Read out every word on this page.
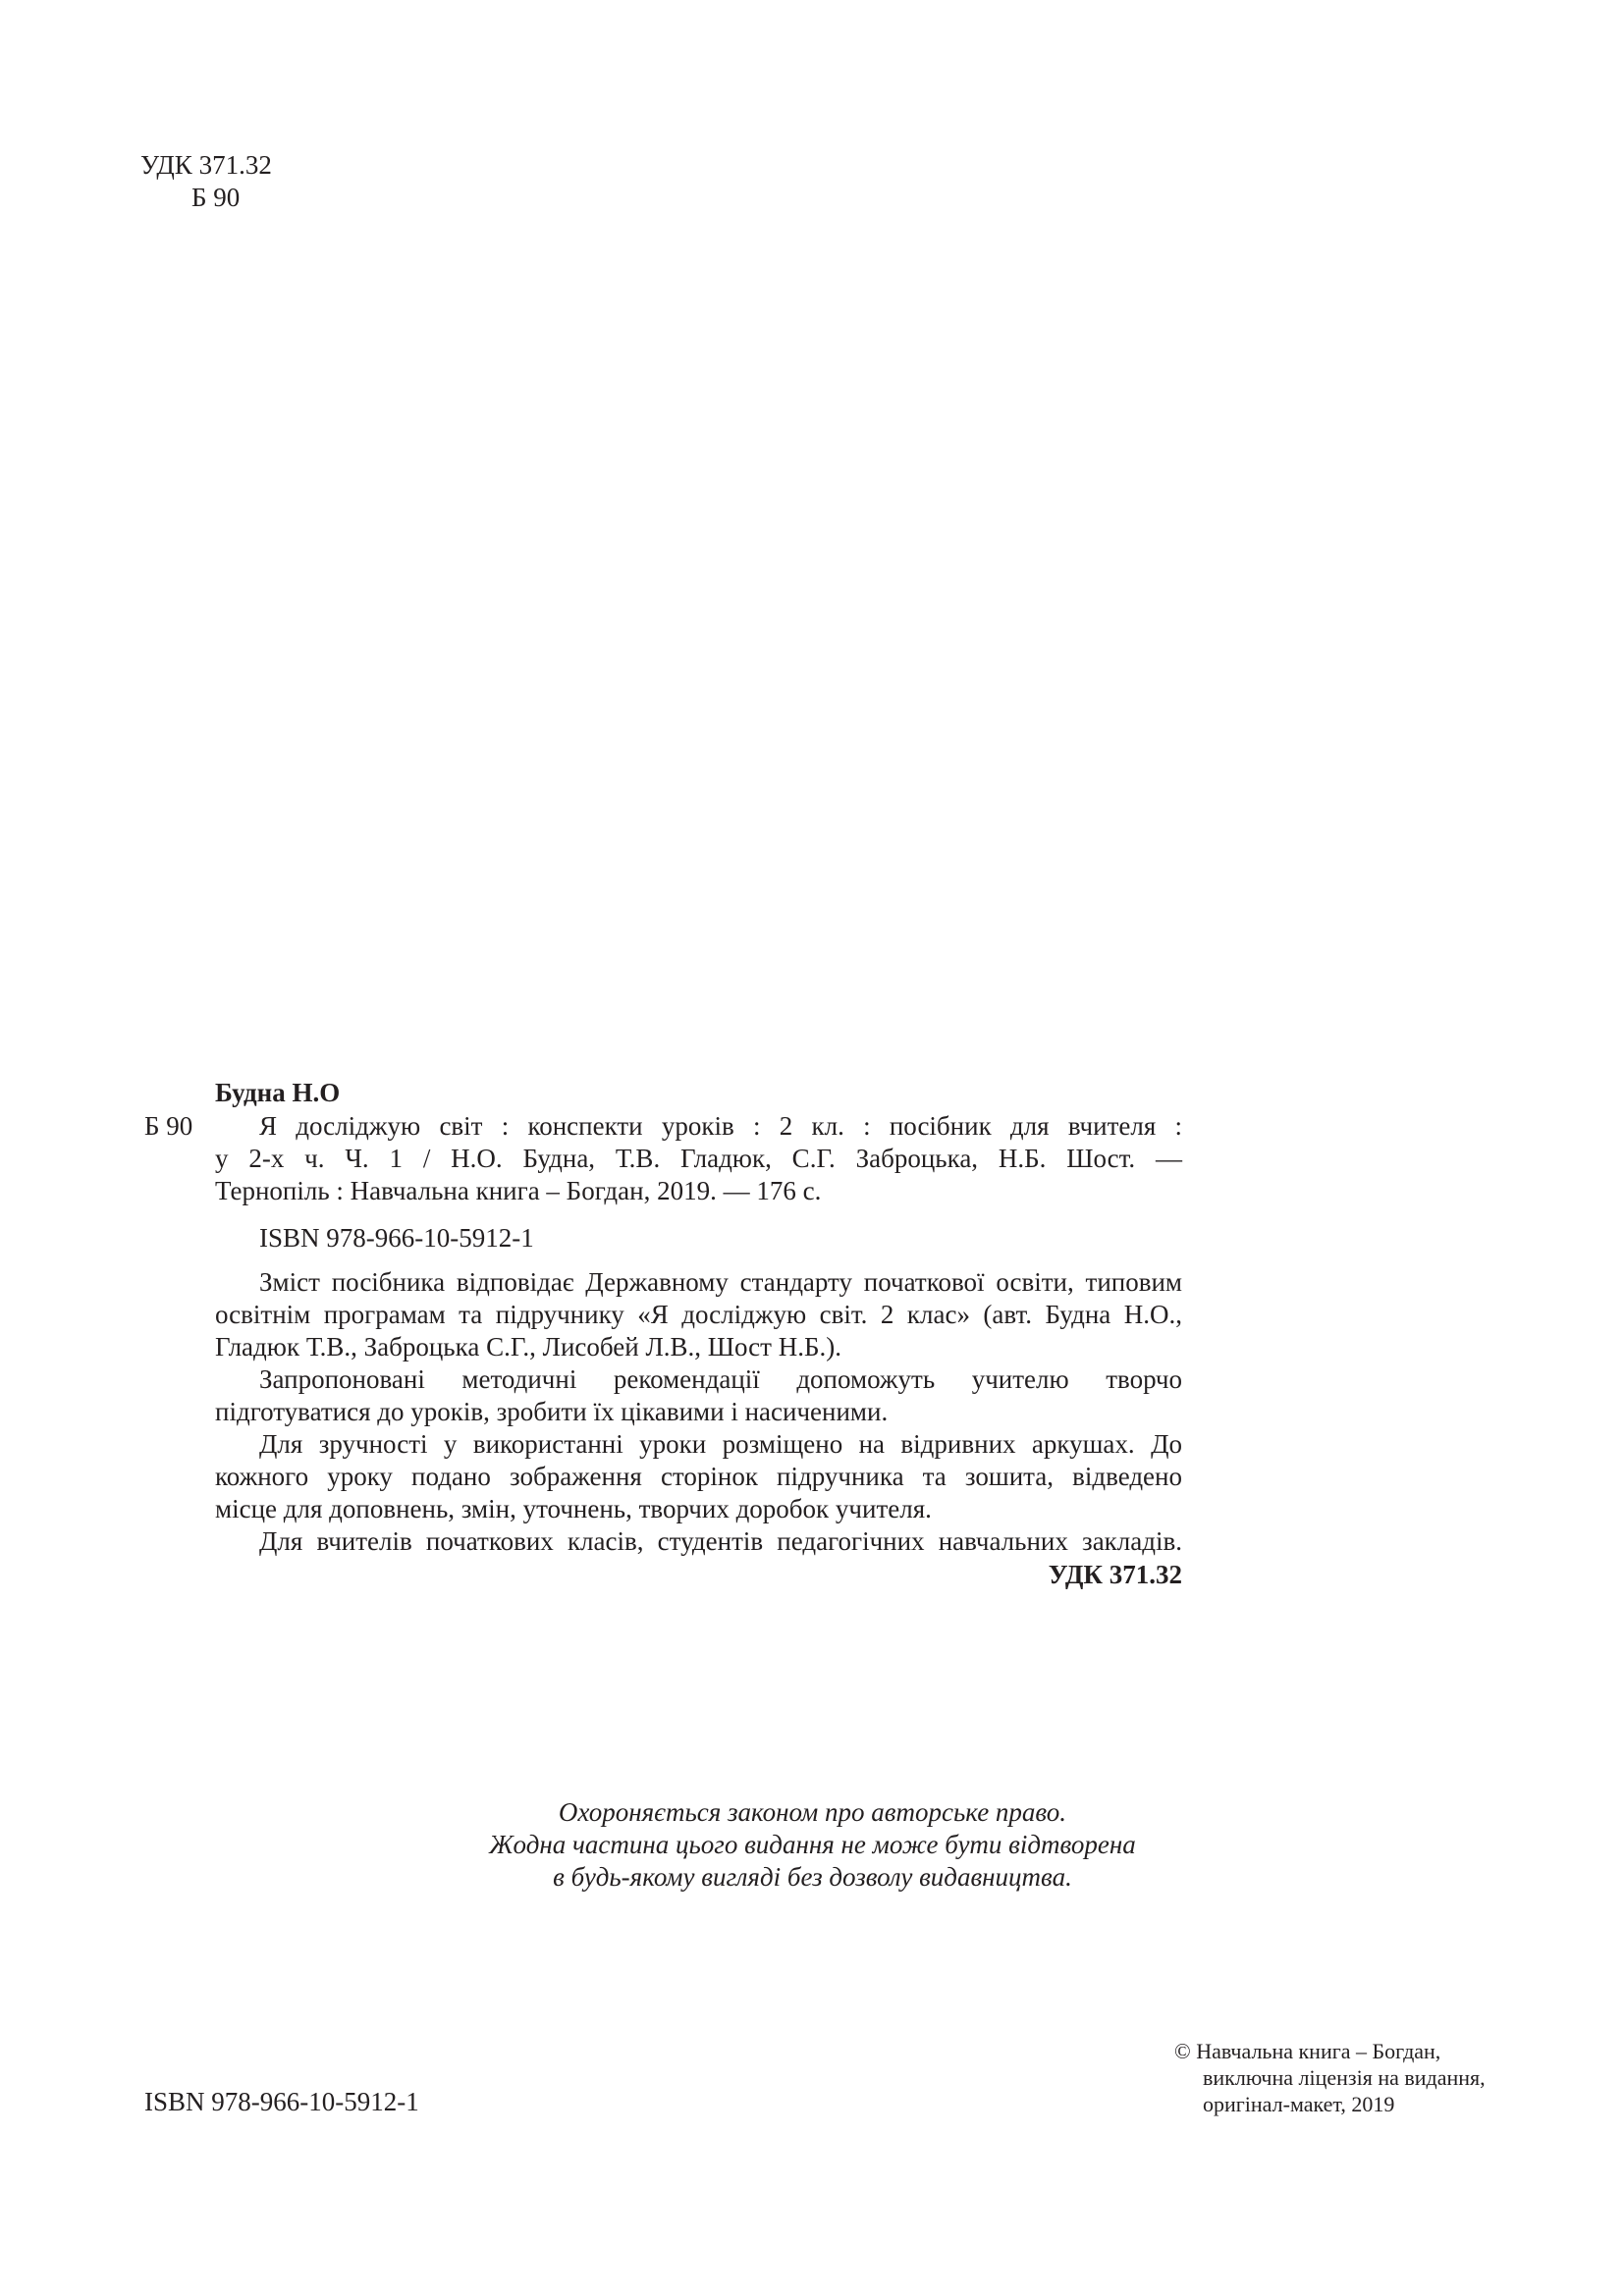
УДК 371.32
Б 90
Будна Н.О
Б 90	Я досліджую світ : конспекти уроків : 2 кл. : посібник для вчителя :
у 2-х ч. Ч. 1 / Н.О. Будна, Т.В. Гладюк, С.Г. Заброцька, Н.Б. Шост. —
Тернопіль : Навчальна книга – Богдан, 2019. — 176 с.
ISBN 978-966-10-5912-1
Зміст посібника відповідає Державному стандарту початкової освіти, типовим
освітнім програмам та підручнику «Я досліджую світ. 2 клас» (авт. Будна Н.О.,
Гладюк Т.В., Заброцька С.Г., Лисобей Л.В., Шост Н.Б.).
Запропоновані методичні рекомендації допоможуть учителю творчо
підготуватися до уроків, зробити їх цікавими і насиченими.
Для зручності у використанні уроки розміщено на відривних аркушах. До
кожного уроку подано зображення сторінок підручника та зошита, відведено
місце для доповнень, змін, уточнень, творчих доробок учителя.
Для вчителів початкових класів, студентів педагогічних навчальних закладів.
УДК 371.32
Охороняється законом про авторське право.
Жодна частина цього видання не може бути відтворена
в будь-якому вигляді без дозволу видавництва.
ISBN 978-966-10-5912-1
© Навчальна книга – Богдан,
виключна ліцензія на видання,
оригінал-макет, 2019
